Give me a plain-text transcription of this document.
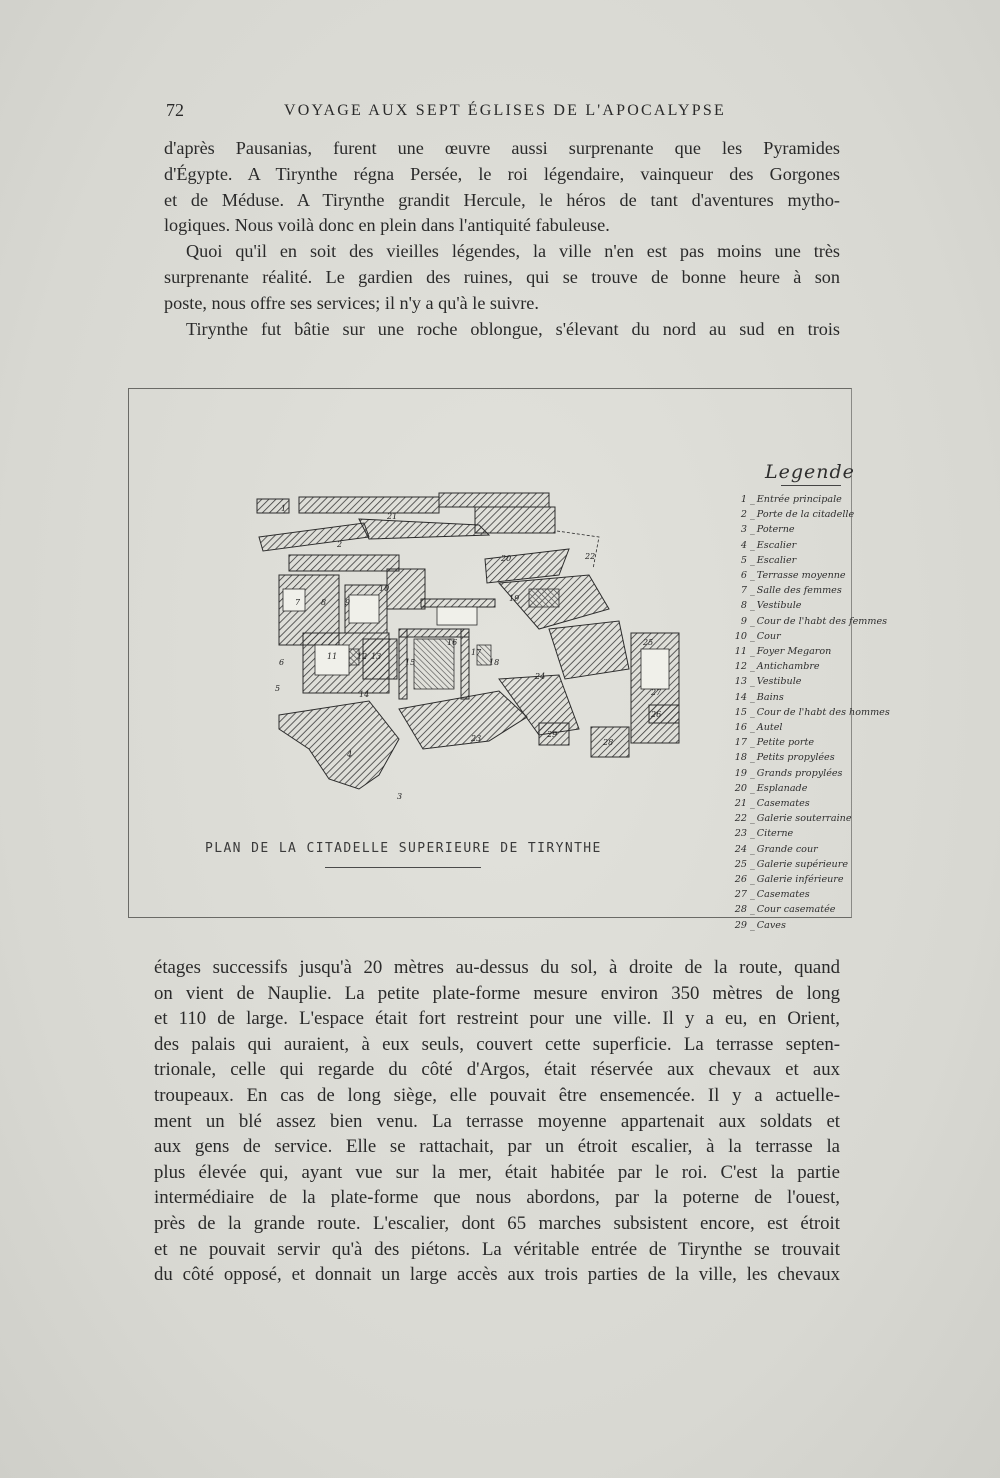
72	VOYAGE AUX SEPT ÉGLISES DE L'APOCALYPSE
d'après Pausanias, furent une œuvre aussi surprenante que les Pyramides
d'Égypte. A Tirynthe régna Persée, le roi légendaire, vainqueur des Gorgones
et de Méduse. A Tirynthe grandit Hercule, le héros de tant d'aventures mytho-
logiques. Nous voilà donc en plein dans l'antiquité fabuleuse.
Quoi qu'il en soit des vieilles légendes, la ville n'en est pas moins une très
surprenante réalité. Le gardien des ruines, qui se trouve de bonne heure à son
poste, nous offre ses services; il n'y a qu'à le suivre.
Tirynthe fut bâtie sur une roche oblongue, s'élevant du nord au sud en trois
1
2
3
4
5
6
7	8 9
10
11 12 13
14
15
16
17
18
19
20
21
22
23
24
25
26
27
28
29
PLAN DE LA CITADELLE SUPERIEURE DE TIRYNTHE
Legende
1 _ Entrée principale
2 _ Porte de la citadelle
3 _ Poterne
4 _ Escalier
5 _ Escalier
6 _ Terrasse moyenne
7 _ Salle des femmes
8 _ Vestibule
9 _ Cour de l'habt des femmes
10 _ Cour
11 _ Foyer Megaron
12 _ Antichambre
13 _ Vestibule
14 _ Bains
15 _ Cour de l'habt des hommes
16 _ Autel
17 _ Petite porte
18 _ Petits propylées
19 _ Grands propylées
20 _ Esplanade
21 _ Casemates
22 _ Galerie souterraine
23 _ Citerne
24 _ Grande cour
25 _ Galerie supérieure
26 _ Galerie inférieure
27 _ Casemates
28 _ Cour casematée
29 _ Caves
étages successifs jusqu'à 20 mètres au-dessus du sol, à droite de la route, quand
on vient de Nauplie. La petite plate-forme mesure environ 350 mètres de long
et 110 de large. L'espace était fort restreint pour une ville. Il y a eu, en Orient,
des palais qui auraient, à eux seuls, couvert cette superficie. La terrasse septen-
trionale, celle qui regarde du côté d'Argos, était réservée aux chevaux et aux
troupeaux. En cas de long siège, elle pouvait être ensemencée. Il y a actuelle-
ment un blé assez bien venu. La terrasse moyenne appartenait aux soldats et
aux gens de service. Elle se rattachait, par un étroit escalier, à la terrasse la
plus élevée qui, ayant vue sur la mer, était habitée par le roi. C'est la partie
intermédiaire de la plate-forme que nous abordons, par la poterne de l'ouest,
près de la grande route. L'escalier, dont 65 marches subsistent encore, est étroit
et ne pouvait servir qu'à des piétons. La véritable entrée de Tirynthe se trouvait
du côté opposé, et donnait un large accès aux trois parties de la ville, les chevaux
